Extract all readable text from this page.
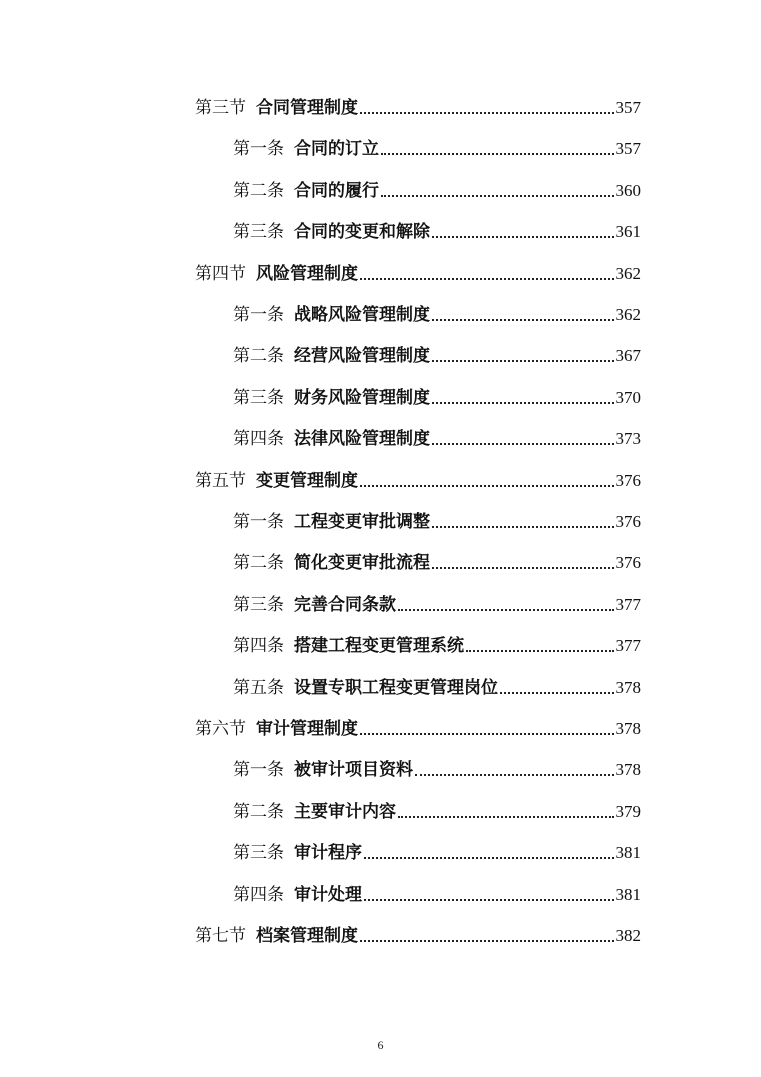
第三节 合同管理制度	357
第一条 合同的订立	357
第二条 合同的履行	360
第三条 合同的变更和解除	361
第四节 风险管理制度	362
第一条 战略风险管理制度	362
第二条 经营风险管理制度	367
第三条 财务风险管理制度	370
第四条 法律风险管理制度	373
第五节 变更管理制度	376
第一条 工程变更审批调整	376
第二条 简化变更审批流程	376
第三条 完善合同条款	377
第四条 搭建工程变更管理系统	377
第五条 设置专职工程变更管理岗位	378
第六节 审计管理制度	378
第一条 被审计项目资料	378
第二条 主要审计内容	379
第三条 审计程序	381
第四条 审计处理	381
第七节 档案管理制度	382
6
